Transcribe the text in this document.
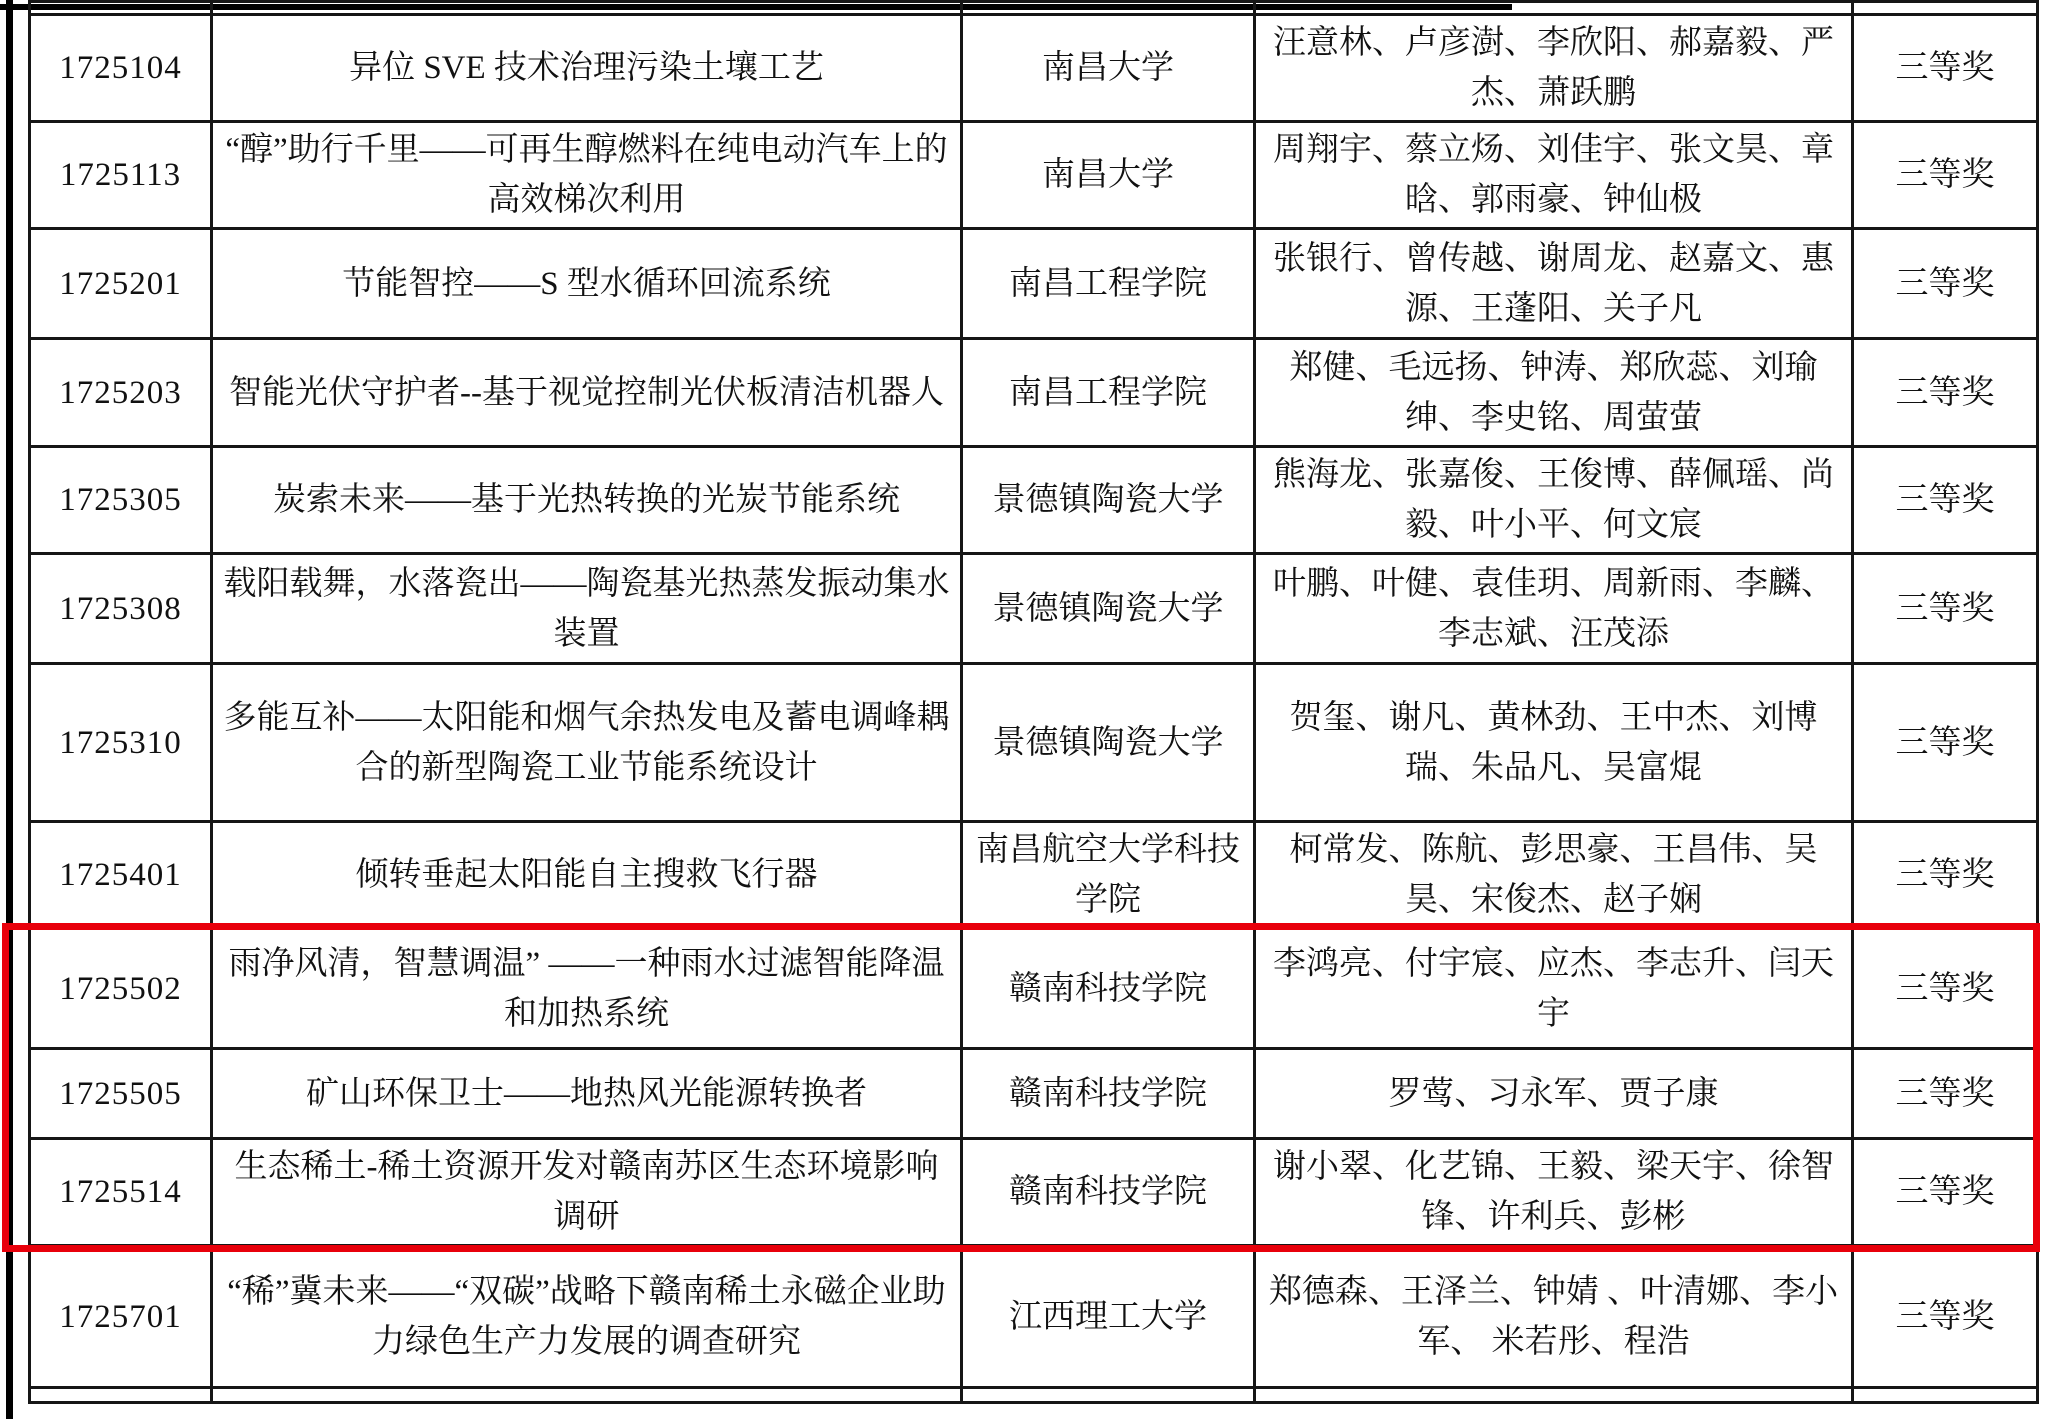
1725104	异位 SVE 技术治理污染土壤工艺	南昌大学	汪意林、卢彦澍、李欣阳、郝嘉毅、严杰、萧跃鹏	三等奖
1725113	“醇”助行千里——可再生醇燃料在纯电动汽车上的高效梯次利用	南昌大学	周翔宇、蔡立炀、刘佳宇、张文昊、章晗、郭雨豪、钟仙极	三等奖
1725201	节能智控——S 型水循环回流系统	南昌工程学院	张银行、曾传越、谢周龙、赵嘉文、惠 源、王蓬阳、关子凡	三等奖
1725203	智能光伏守护者--基于视觉控制光伏板清洁机器人	南昌工程学院	郑健、毛远扬、钟涛、郑欣蕊、刘瑜绅、李史铭、周萤萤	三等奖
1725305	炭索未来——基于光热转换的光炭节能系统	景德镇陶瓷大学	熊海龙、张嘉俊、王俊博、薛佩瑶、尚毅、叶小平、何文宸	三等奖
1725308	载阳载舞，水落瓷出——陶瓷基光热蒸发振动集水装置	景德镇陶瓷大学	叶鹏、叶健、袁佳玥、周新雨、李麟、李志斌、汪茂添	三等奖
1725310	多能互补——太阳能和烟气余热发电及蓄电调峰耦合的新型陶瓷工业节能系统设计	景德镇陶瓷大学	贺玺、谢凡、黄林劲、王中杰、刘博瑞、朱品凡、吴富焜	三等奖
1725401	倾转垂起太阳能自主搜救飞行器	南昌航空大学科技学院	柯常发、陈航、彭思豪、王昌伟、吴昊、宋俊杰、赵子娴	三等奖
1725502	雨净风清，智慧调温” ——一种雨水过滤智能降温和加热系统	赣南科技学院	李鸿亮、付宇宸、应杰、李志升、闫天宇	三等奖
1725505	矿山环保卫士——地热风光能源转换者	赣南科技学院	罗莺、习永军、贾子康	三等奖
1725514	生态稀土-稀土资源开发对赣南苏区生态环境影响调研	赣南科技学院	谢小翠、化艺锦、王毅、梁天宇、徐智锋、许利兵、彭彬	三等奖
1725701	“稀”冀未来——“双碳”战略下赣南稀土永磁企业助力绿色生产力发展的调查研究	江西理工大学	郑德森、王泽兰、钟婧 、叶清娜、李小军、 米若彤、程浩	三等奖
